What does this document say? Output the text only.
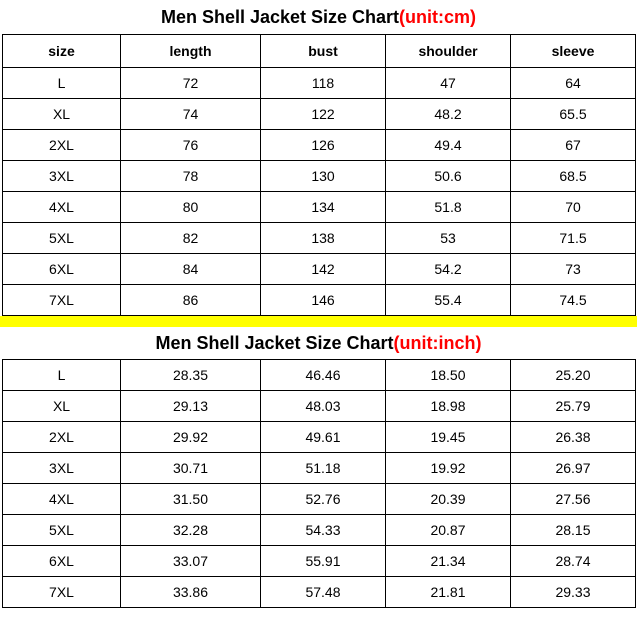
Men Shell Jacket Size Chart(unit:cm)
size	length	bust	shoulder	sleeve
L	72	118	47	64
XL	74	122	48.2	65.5
2XL	76	126	49.4	67
3XL	78	130	50.6	68.5
4XL	80	134	51.8	70
5XL	82	138	53	71.5
6XL	84	142	54.2	73
7XL	86	146	55.4	74.5
Men Shell Jacket Size Chart(unit:inch)
L	28.35	46.46	18.50	25.20
XL	29.13	48.03	18.98	25.79
2XL	29.92	49.61	19.45	26.38
3XL	30.71	51.18	19.92	26.97
4XL	31.50	52.76	20.39	27.56
5XL	32.28	54.33	20.87	28.15
6XL	33.07	55.91	21.34	28.74
7XL	33.86	57.48	21.81	29.33
